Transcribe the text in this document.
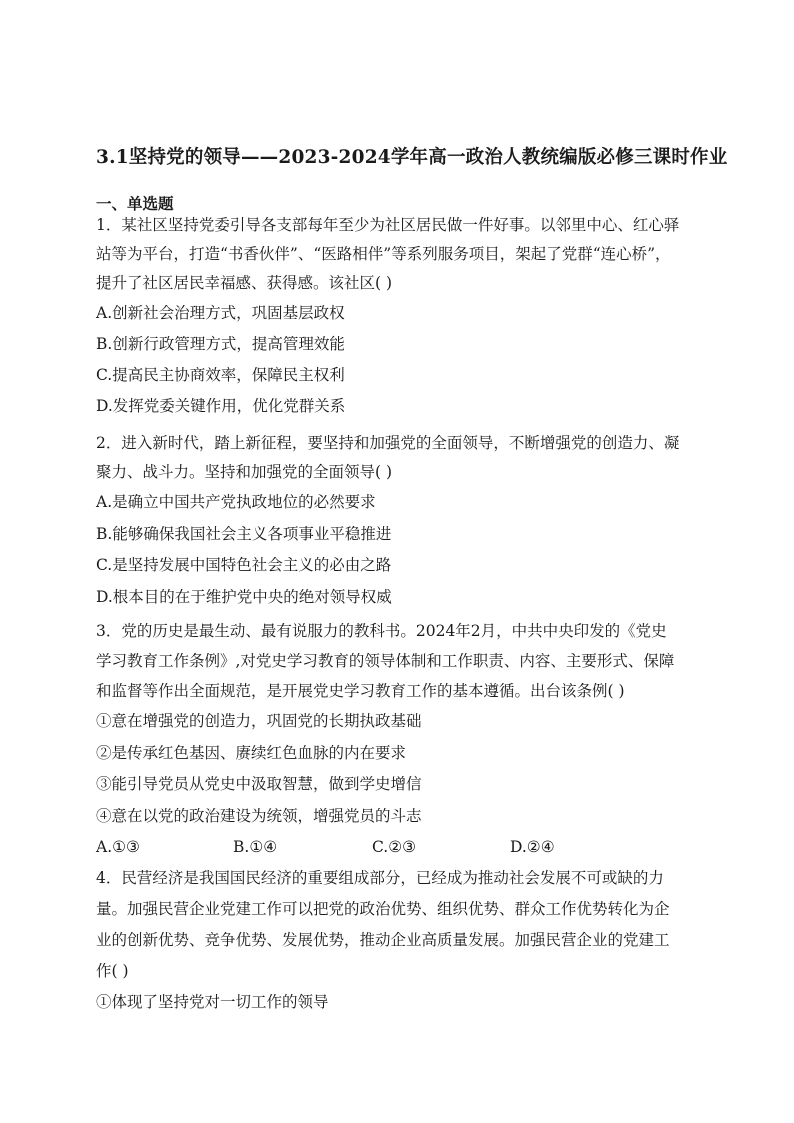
3.1坚持党的领导——2023-2024学年高一政治人教统编版必修三课时作业
一、单选题
1．某社区坚持党委引导各支部每年至少为社区居民做一件好事。以邻里中心、红心驿
站等为平台，打造“书香伙伴”、“医路相伴”等系列服务项目，架起了党群“连心桥”，
提升了社区居民幸福感、获得感。该社区( )
A.创新社会治理方式，巩固基层政权
B.创新行政管理方式，提高管理效能
C.提高民主协商效率，保障民主权利
D.发挥党委关键作用，优化党群关系
2．进入新时代，踏上新征程，要坚持和加强党的全面领导，不断增强党的创造力、凝
聚力、战斗力。坚持和加强党的全面领导( )
A.是确立中国共产党执政地位的必然要求
B.能够确保我国社会主义各项事业平稳推进
C.是坚持发展中国特色社会主义的必由之路
D.根本目的在于维护党中央的绝对领导权威
3．党的历史是最生动、最有说服力的教科书。2024年2月，中共中央印发的《党史
学习教育工作条例》,对党史学习教育的领导体制和工作职责、内容、主要形式、保障
和监督等作出全面规范，是开展党史学习教育工作的基本遵循。出台该条例( )
①意在增强党的创造力，巩固党的长期执政基础
②是传承红色基因、赓续红色血脉的内在要求
③能引导党员从党史中汲取智慧，做到学史增信
④意在以党的政治建设为统领，增强党员的斗志
A.①③	B.①④	C.②③	D.②④
4．民营经济是我国国民经济的重要组成部分，已经成为推动社会发展不可或缺的力
量。加强民营企业党建工作可以把党的政治优势、组织优势、群众工作优势转化为企
业的创新优势、竞争优势、发展优势，推动企业高质量发展。加强民营企业的党建工
作( )
①体现了坚持党对一切工作的领导
